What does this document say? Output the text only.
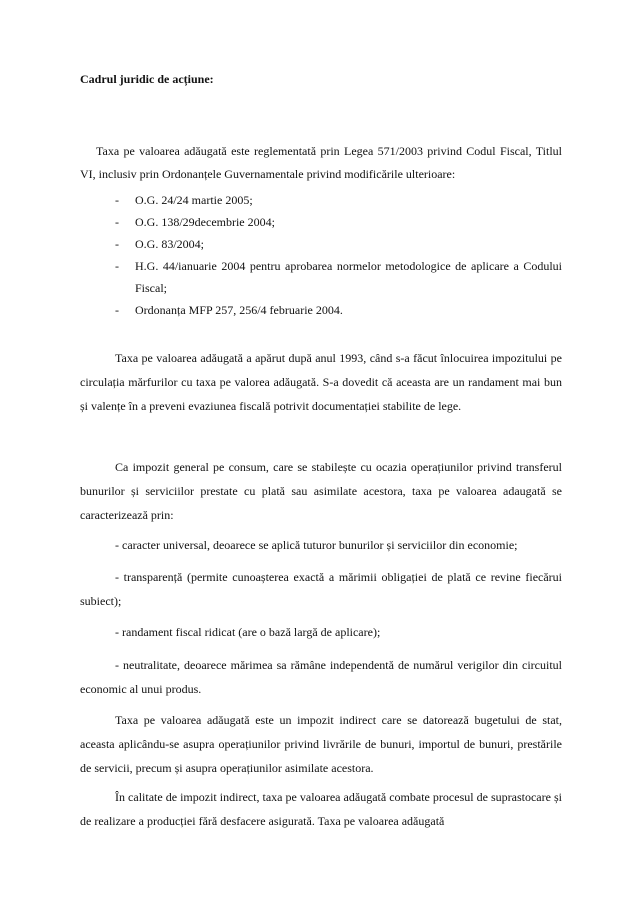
Cadrul juridic de acțiune:

Taxa pe valoarea adăugată este reglementată prin Legea 571/2003 privind Codul Fiscal, Titlul VI, inclusiv prin Ordonanțele Guvernamentale privind modificările ulterioare:

- O.G. 24/24 martie 2005;
- O.G. 138/29decembrie 2004;
- O.G. 83/2004;
- H.G. 44/ianuarie 2004 pentru aprobarea normelor metodologice de aplicare a Codului Fiscal;
- Ordonanța MFP 257, 256/4 februarie 2004.

Taxa pe valoarea adăugată a apărut după anul 1993, când s-a făcut înlocuirea impozitului pe circulația mărfurilor cu taxa pe valorea adăugată. S-a dovedit că aceasta are un randament mai bun și valențe în a preveni evaziunea fiscală potrivit documentației stabilite de lege.

Ca impozit general pe consum, care se stabilește cu ocazia operațiunilor privind transferul bunurilor și serviciilor prestate cu plată sau asimilate acestora, taxa pe valoarea adaugată se caracterizează prin:

- caracter universal, deoarece se aplică tuturor bunurilor și serviciilor din economie;

- transparență (permite cunoașterea exactă a mărimii obligației de plată ce revine fiecărui subiect);

- randament fiscal ridicat (are o bază largă de aplicare);

- neutralitate, deoarece mărimea sa rămâne independentă de numărul verigilor din circuitul economic al unui produs.

Taxa pe valoarea adăugată este un impozit indirect care se datorează bugetului de stat, aceasta aplicându-se asupra operațiunilor privind livrările de bunuri, importul de bunuri, prestările de servicii, precum și asupra operațiunilor asimilate acestora.

În calitate de impozit indirect, taxa pe valoarea adăugată combate procesul de suprastocare și de realizare a producției fără desfacere asigurată. Taxa pe valoarea adăugată
